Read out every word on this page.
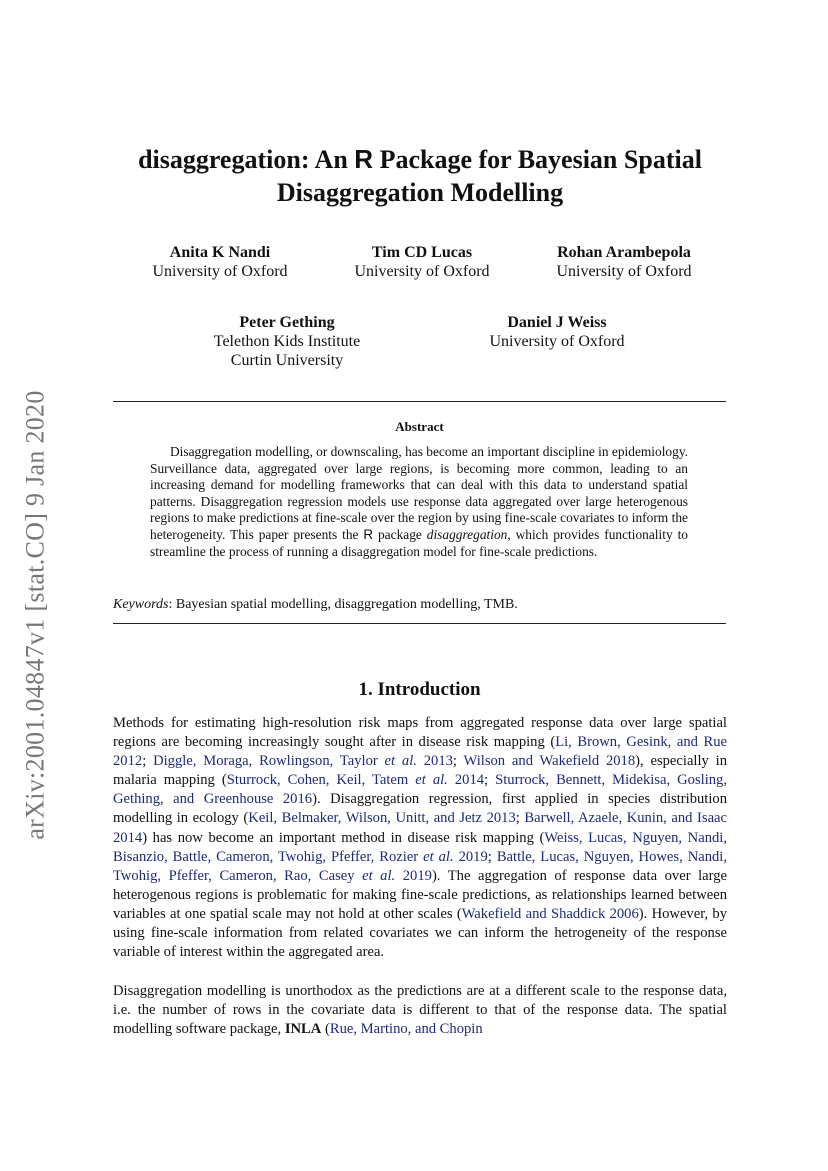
arXiv:2001.04847v1 [stat.CO] 9 Jan 2020
disaggregation: An R Package for Bayesian Spatial
Disaggregation Modelling
Anita K Nandi
University of Oxford
Tim CD Lucas
University of Oxford
Rohan Arambepola
University of Oxford
Peter Gething
Telethon Kids Institute
Curtin University
Daniel J Weiss
University of Oxford
Abstract
Disaggregation modelling, or downscaling, has become an important discipline in epidemiology. Surveillance data, aggregated over large regions, is becoming more common, leading to an increasing demand for modelling frameworks that can deal with this data to understand spatial patterns. Disaggregation regression models use response data aggregated over large heterogenous regions to make predictions at fine-scale over the region by using fine-scale covariates to inform the heterogeneity. This paper presents the R package disaggregation, which provides functionality to streamline the process of running a disaggregation model for fine-scale predictions.
Keywords: Bayesian spatial modelling, disaggregation modelling, TMB.
1. Introduction
Methods for estimating high-resolution risk maps from aggregated response data over large spatial regions are becoming increasingly sought after in disease risk mapping (Li, Brown, Gesink, and Rue 2012; Diggle, Moraga, Rowlingson, Taylor et al. 2013; Wilson and Wakefield 2018), especially in malaria mapping (Sturrock, Cohen, Keil, Tatem et al. 2014; Sturrock, Bennett, Midekisa, Gosling, Gething, and Greenhouse 2016). Disaggregation regression, first applied in species distribution modelling in ecology (Keil, Belmaker, Wilson, Unitt, and Jetz 2013; Barwell, Azaele, Kunin, and Isaac 2014) has now become an important method in disease risk mapping (Weiss, Lucas, Nguyen, Nandi, Bisanzio, Battle, Cameron, Twohig, Pfeffer, Rozier et al. 2019; Battle, Lucas, Nguyen, Howes, Nandi, Twohig, Pfeffer, Cameron, Rao, Casey et al. 2019). The aggregation of response data over large heterogenous regions is problematic for making fine-scale predictions, as relationships learned between variables at one spatial scale may not hold at other scales (Wakefield and Shaddick 2006). However, by using fine-scale information from related covariates we can inform the hetrogeneity of the response variable of interest within the aggregated area.
Disaggregation modelling is unorthodox as the predictions are at a different scale to the response data, i.e. the number of rows in the covariate data is different to that of the response data. The spatial modelling software package, INLA (Rue, Martino, and Chopin
